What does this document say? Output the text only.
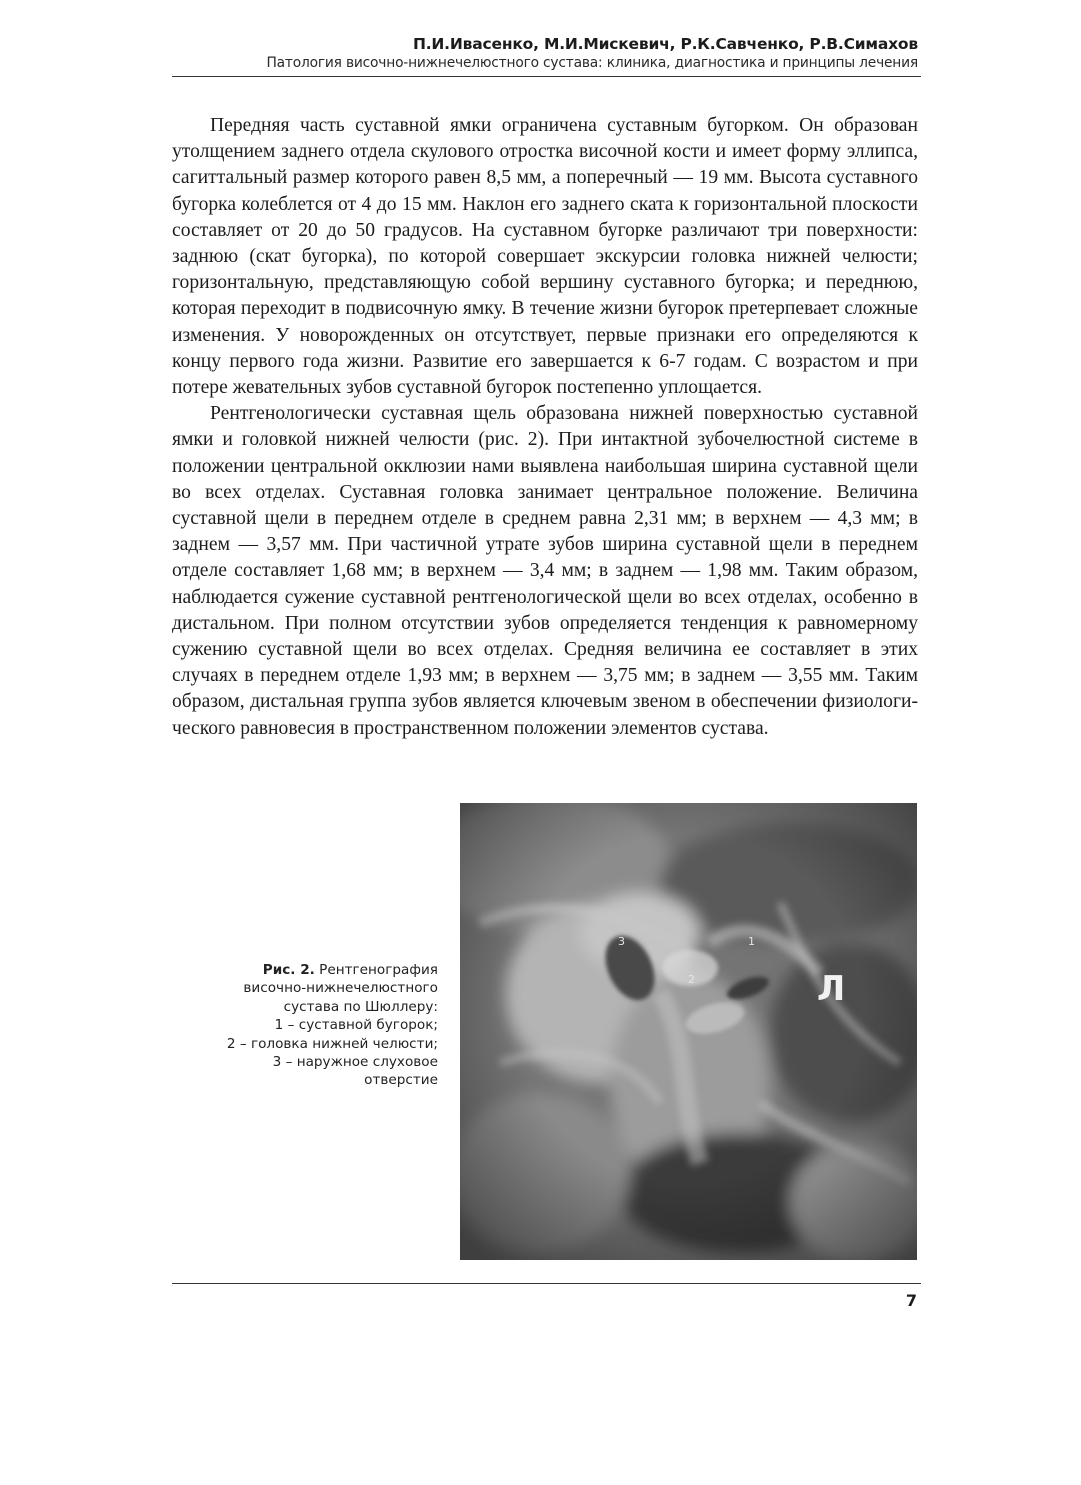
П.И.Ивасенко, М.И.Мискевич, Р.К.Савченко, Р.В.Симахов
Патология височно-нижнечелюстного сустава: клиника, диагностика и принципы лечения

Передняя часть суставной ямки ограничена суставным бугорком. Он образован утолщением заднего отдела скулового отростка височной кости и имеет форму эллипса, сагиттальный размер которого равен 8,5 мм, а поперечный — 19 мм. Высота суставного бугорка колеблется от 4 до 15 мм. Наклон его заднего ската к горизонтальной плоскости составляет от 20 до 50 градусов. На суставном бугорке различают три поверхности: заднюю (скат бугорка), по которой совершает экскурсии головка нижней челюсти; горизонтальную, представляющую собой вершину суставного бугорка; и переднюю, которая переходит в подвисочную ямку. В течение жизни бугорок претерпевает сложные изменения. У новорожденных он отсутствует, первые признаки его определяются к концу первого года жизни. Развитие его завершается к 6-7 годам. С возрастом и при потере жевательных зубов суставной бугорок постепенно уплощается.

Рентгенологически суставная щель образована нижней поверхностью суставной ямки и головкой нижней челюсти (рис. 2). При интактной зубочелюстной системе в положении центральной окклюзии нами выявлена наибольшая ширина суставной щели во всех отделах. Суставная головка занимает центральное положение. Величина суставной щели в переднем отделе в среднем равна 2,31 мм; в верхнем — 4,3 мм; в заднем — 3,57 мм. При частичной утрате зубов ширина суставной щели в переднем отделе составляет 1,68 мм; в верхнем — 3,4 мм; в заднем — 1,98 мм. Таким образом, наблюдается сужение суставной рентгенологической щели во всех отделах, особенно в дистальном. При полном отсутствии зубов определяется тенденция к равномерному сужению суставной щели во всех отделах. Средняя величина ее составляет в этих случаях в переднем отделе 1,93 мм; в верхнем — 3,75 мм; в заднем — 3,55 мм. Таким образом, дистальная группа зубов является ключевым звеном в обеспечении физиологического равновесия в пространственном положении элементов сустава.

Рис. 2. Рентгенография
височно-нижнечелюстного
сустава по Шюллеру:
1 – суставной бугорок;
2 – головка нижней челюсти;
3 – наружное слуховое
отверстие
3	1
2	Л
7
